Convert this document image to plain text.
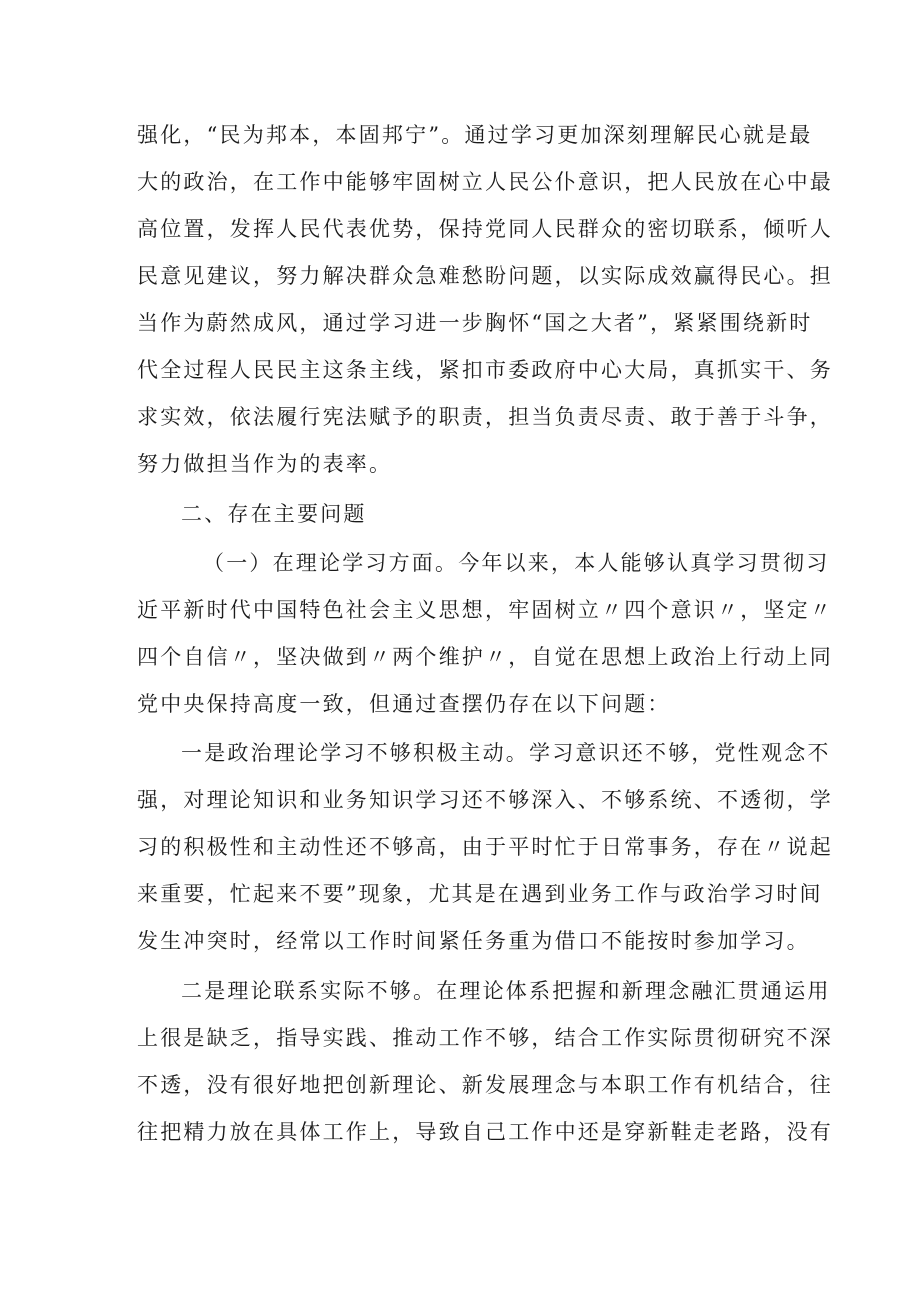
强化，“民为邦本，本固邦宁”。通过学习更加深刻理解民心就是最
大的政治，在工作中能够牢固树立人民公仆意识，把人民放在心中最
高位置，发挥人民代表优势，保持党同人民群众的密切联系，倾听人
民意见建议，努力解决群众急难愁盼问题，以实际成效赢得民心。担
当作为蔚然成风，通过学习进一步胸怀“国之大者”，紧紧围绕新时
代全过程人民民主这条主线，紧扣市委政府中心大局，真抓实干、务
求实效，依法履行宪法赋予的职责，担当负责尽责、敢于善于斗争，
努力做担当作为的表率。
二、存在主要问题
（一）在理论学习方面。今年以来，本人能够认真学习贯彻习
近平新时代中国特色社会主义思想，牢固树立〃四个意识〃，坚定〃
四个自信〃，坚决做到〃两个维护〃，自觉在思想上政治上行动上同
党中央保持高度一致，但通过查摆仍存在以下问题：
一是政治理论学习不够积极主动。学习意识还不够，党性观念不
强，对理论知识和业务知识学习还不够深入、不够系统、不透彻，学
习的积极性和主动性还不够高，由于平时忙于日常事务，存在〃说起
来重要，忙起来不要”现象，尤其是在遇到业务工作与政治学习时间
发生冲突时，经常以工作时间紧任务重为借口不能按时参加学习。
二是理论联系实际不够。在理论体系把握和新理念融汇贯通运用
上很是缺乏，指导实践、推动工作不够，结合工作实际贯彻研究不深
不透，没有很好地把创新理论、新发展理念与本职工作有机结合，往
往把精力放在具体工作上，导致自己工作中还是穿新鞋走老路，没有
